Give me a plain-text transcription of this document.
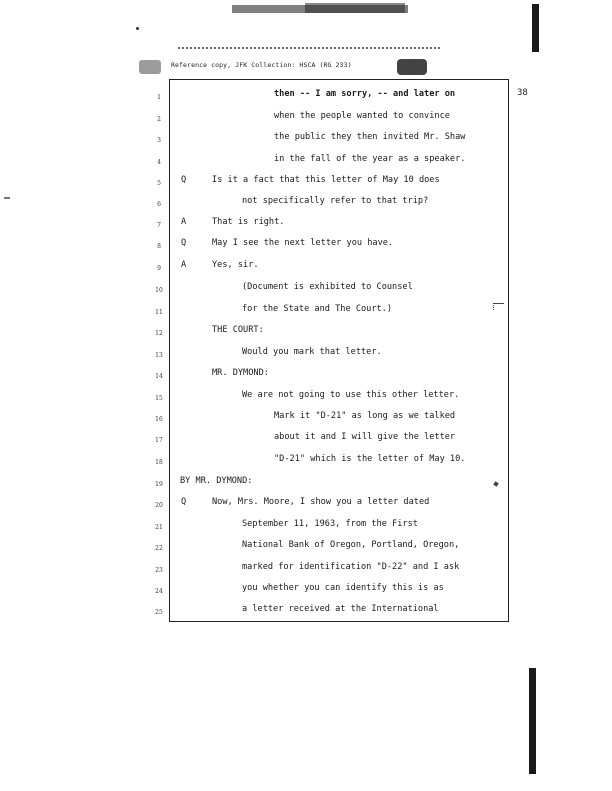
Reference copy, JFK Collection: HSCA (RG 233)
38
1	then -- I am sorry, -- and later on
2	when the people wanted to convince
3	the public they then invited Mr. Shaw
4	in the fall of the year as a speaker.
5	Q	Is it a fact that this letter of May 10 does
6	not specifically refer to that trip?
7	A	That is right.
8	Q	May I see the next letter you have.
9	A	Yes, sir.
10	(Document is exhibited to Counsel
11	for the State and The Court.)
12	THE COURT:
13	Would you mark that letter.
14	MR. DYMOND:
15	We are not going to use this other letter.
16	Mark it "D-21" as long as we talked
17	about it and I will give the letter
18	"D-21" which is the letter of May 10.
19	BY MR. DYMOND:
20	Q	Now, Mrs. Moore, I show you a letter dated
21	September 11, 1963, from the First
22	National Bank of Oregon, Portland, Oregon,
23	marked for identification "D-22" and I ask
24	you whether you can identify this is as
25	a letter received at the International
